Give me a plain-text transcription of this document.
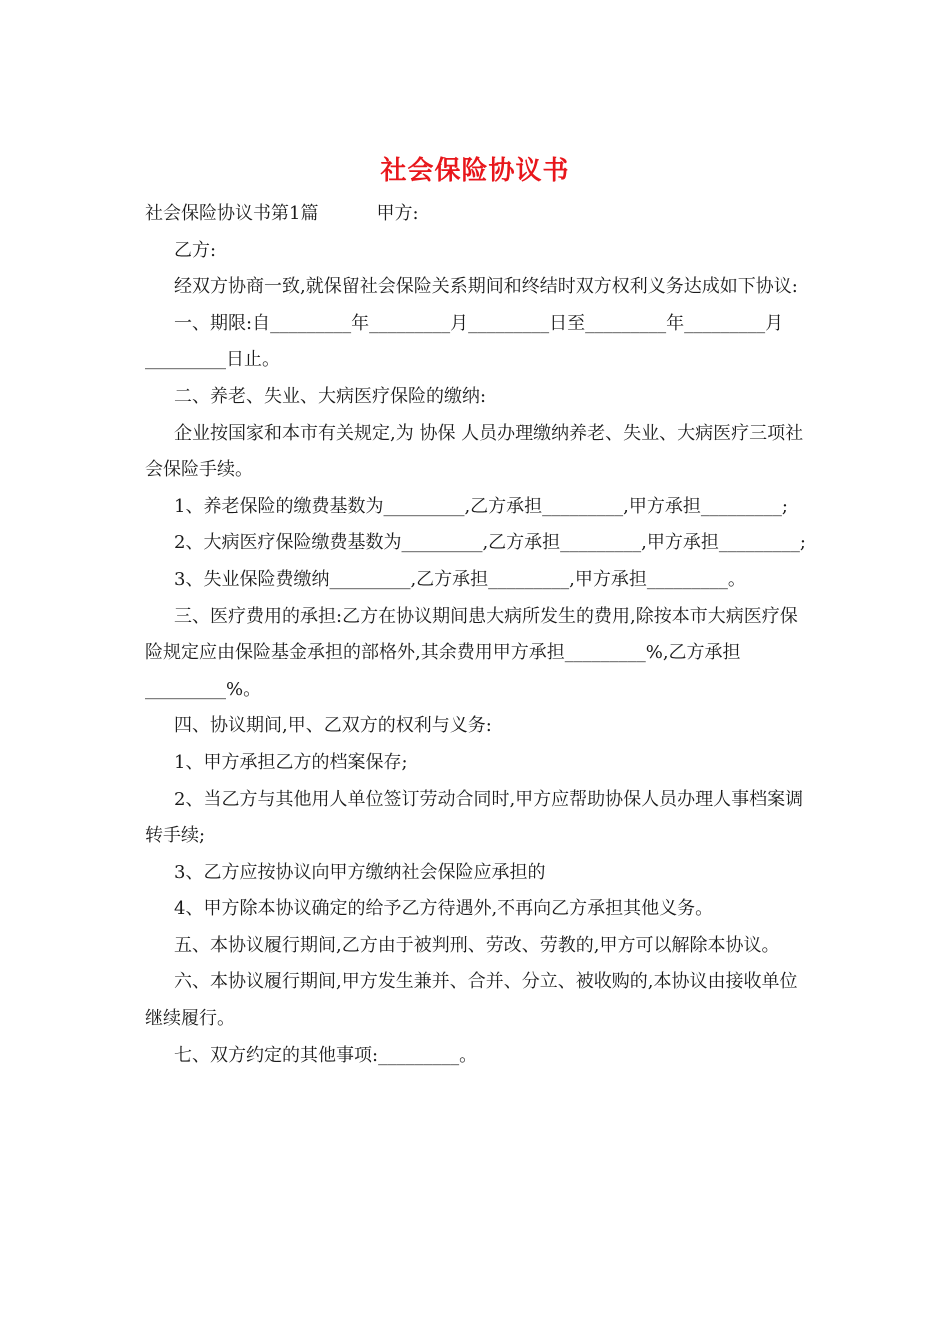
社会保险协议书

社会保险协议书第1篇	甲方:

乙方:

经双方协商一致,就保留社会保险关系期间和终结时双方权利义务达成如下协议:

一、期限:自_________年_________月_________日至_________年_________月_________日止。

二、养老、失业、大病医疗保险的缴纳:

企业按国家和本市有关规定,为 协保 人员办理缴纳养老、失业、大病医疗三项社会保险手续。

1、养老保险的缴费基数为_________,乙方承担_________,甲方承担_________;

2、大病医疗保险缴费基数为_________,乙方承担_________,甲方承担_________;

3、失业保险费缴纳_________,乙方承担_________,甲方承担_________。

三、医疗费用的承担:乙方在协议期间患大病所发生的费用,除按本市大病医疗保险规定应由保险基金承担的部格外,其余费用甲方承担_________%,乙方承担_________%。

四、协议期间,甲、乙双方的权利与义务:

1、甲方承担乙方的档案保存;

2、当乙方与其他用人单位签订劳动合同时,甲方应帮助协保人员办理人事档案调转手续;

3、乙方应按协议向甲方缴纳社会保险应承担的

4、甲方除本协议确定的给予乙方待遇外,不再向乙方承担其他义务。

五、本协议履行期间,乙方由于被判刑、劳改、劳教的,甲方可以解除本协议。

六、本协议履行期间,甲方发生兼并、合并、分立、被收购的,本协议由接收单位继续履行。

七、双方约定的其他事项:_________。
